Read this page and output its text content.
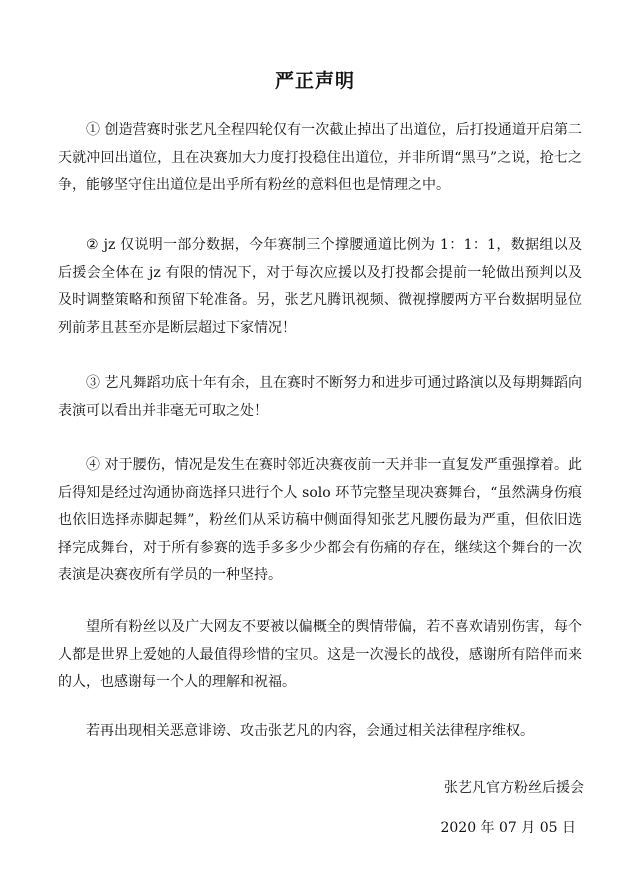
严正声明

① 创造营赛时张艺凡全程四轮仅有一次截止掉出了出道位，后打投通道开启第二天就冲回出道位，且在决赛加大力度打投稳住出道位，并非所谓“黑马”之说，抢七之争，能够坚守住出道位是出乎所有粉丝的意料但也是情理之中。

② jz 仅说明一部分数据，今年赛制三个撑腰通道比例为 1：1：1，数据组以及后援会全体在 jz 有限的情况下，对于每次应援以及打投都会提前一轮做出预判以及及时调整策略和预留下轮准备。另，张艺凡腾讯视频、微视撑腰两方平台数据明显位列前茅且甚至亦是断层超过下家情况！

③ 艺凡舞蹈功底十年有余，且在赛时不断努力和进步可通过路演以及每期舞蹈向表演可以看出并非毫无可取之处！

④ 对于腰伤，情况是发生在赛时邻近决赛夜前一天并非一直复发严重强撑着。此后得知是经过沟通协商选择只进行个人 solo 环节完整呈现决赛舞台，“虽然满身伤痕也依旧选择赤脚起舞”，粉丝们从采访稿中侧面得知张艺凡腰伤最为严重，但依旧选择完成舞台，对于所有参赛的选手多多少少都会有伤痛的存在，继续这个舞台的一次表演是决赛夜所有学员的一种坚持。

望所有粉丝以及广大网友不要被以偏概全的舆情带偏，若不喜欢请别伤害，每个人都是世界上爱她的人最值得珍惜的宝贝。这是一次漫长的战役，感谢所有陪伴而来的人，也感谢每一个人的理解和祝福。

若再出现相关恶意诽谤、攻击张艺凡的内容，会通过相关法律程序维权。

张艺凡官方粉丝后援会
2020 年 07 月 05 日
